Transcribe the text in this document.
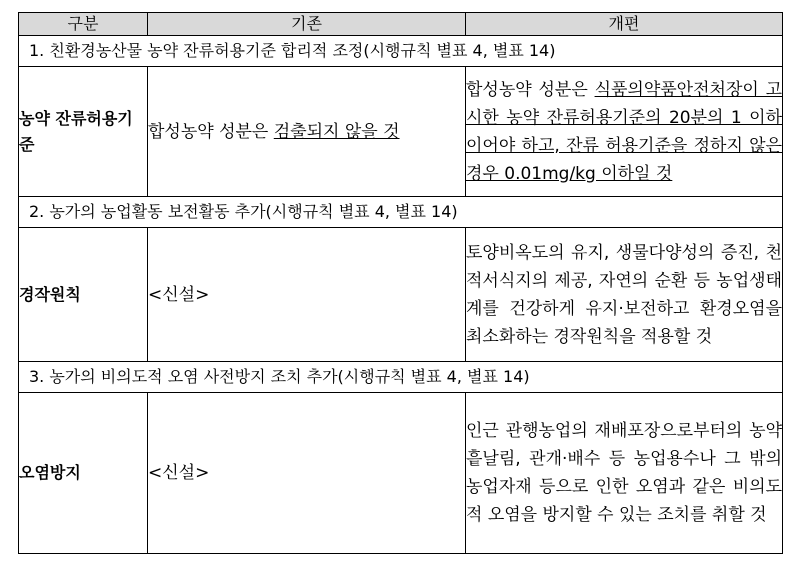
구분	기존	개편
1. 친환경농산물 농약 잔류허용기준 합리적 조정(시행규칙 별표 4, 별표 14)		
농약 잔류허용기준	합성농약 성분은 검출되지 않을 것	합성농약 성분은 식품의약품안전처장이 고시한 농약 잔류허용기준의 20분의 1 이하이어야 하고, 잔류 허용기준을 정하지 않은 경우 0.01mg/kg 이하일 것
2. 농가의 농업활동 보전활동 추가(시행규칙 별표 4, 별표 14)		
경작원칙	<신설>	토양비옥도의 유지, 생물다양성의 증진, 천적서식지의 제공, 자연의 순환 등 농업생태계를 건강하게 유지·보전하고 환경오염을 최소화하는 경작원칙을 적용할 것
3. 농가의 비의도적 오염 사전방지 조치 추가(시행규칙 별표 4, 별표 14)		
오염방지	<신설>	인근 관행농업의 재배포장으로부터의 농약 흩날림, 관개·배수 등 농업용수나 그 밖의 농업자재 등으로 인한 오염과 같은 비의도적 오염을 방지할 수 있는 조치를 취할 것
